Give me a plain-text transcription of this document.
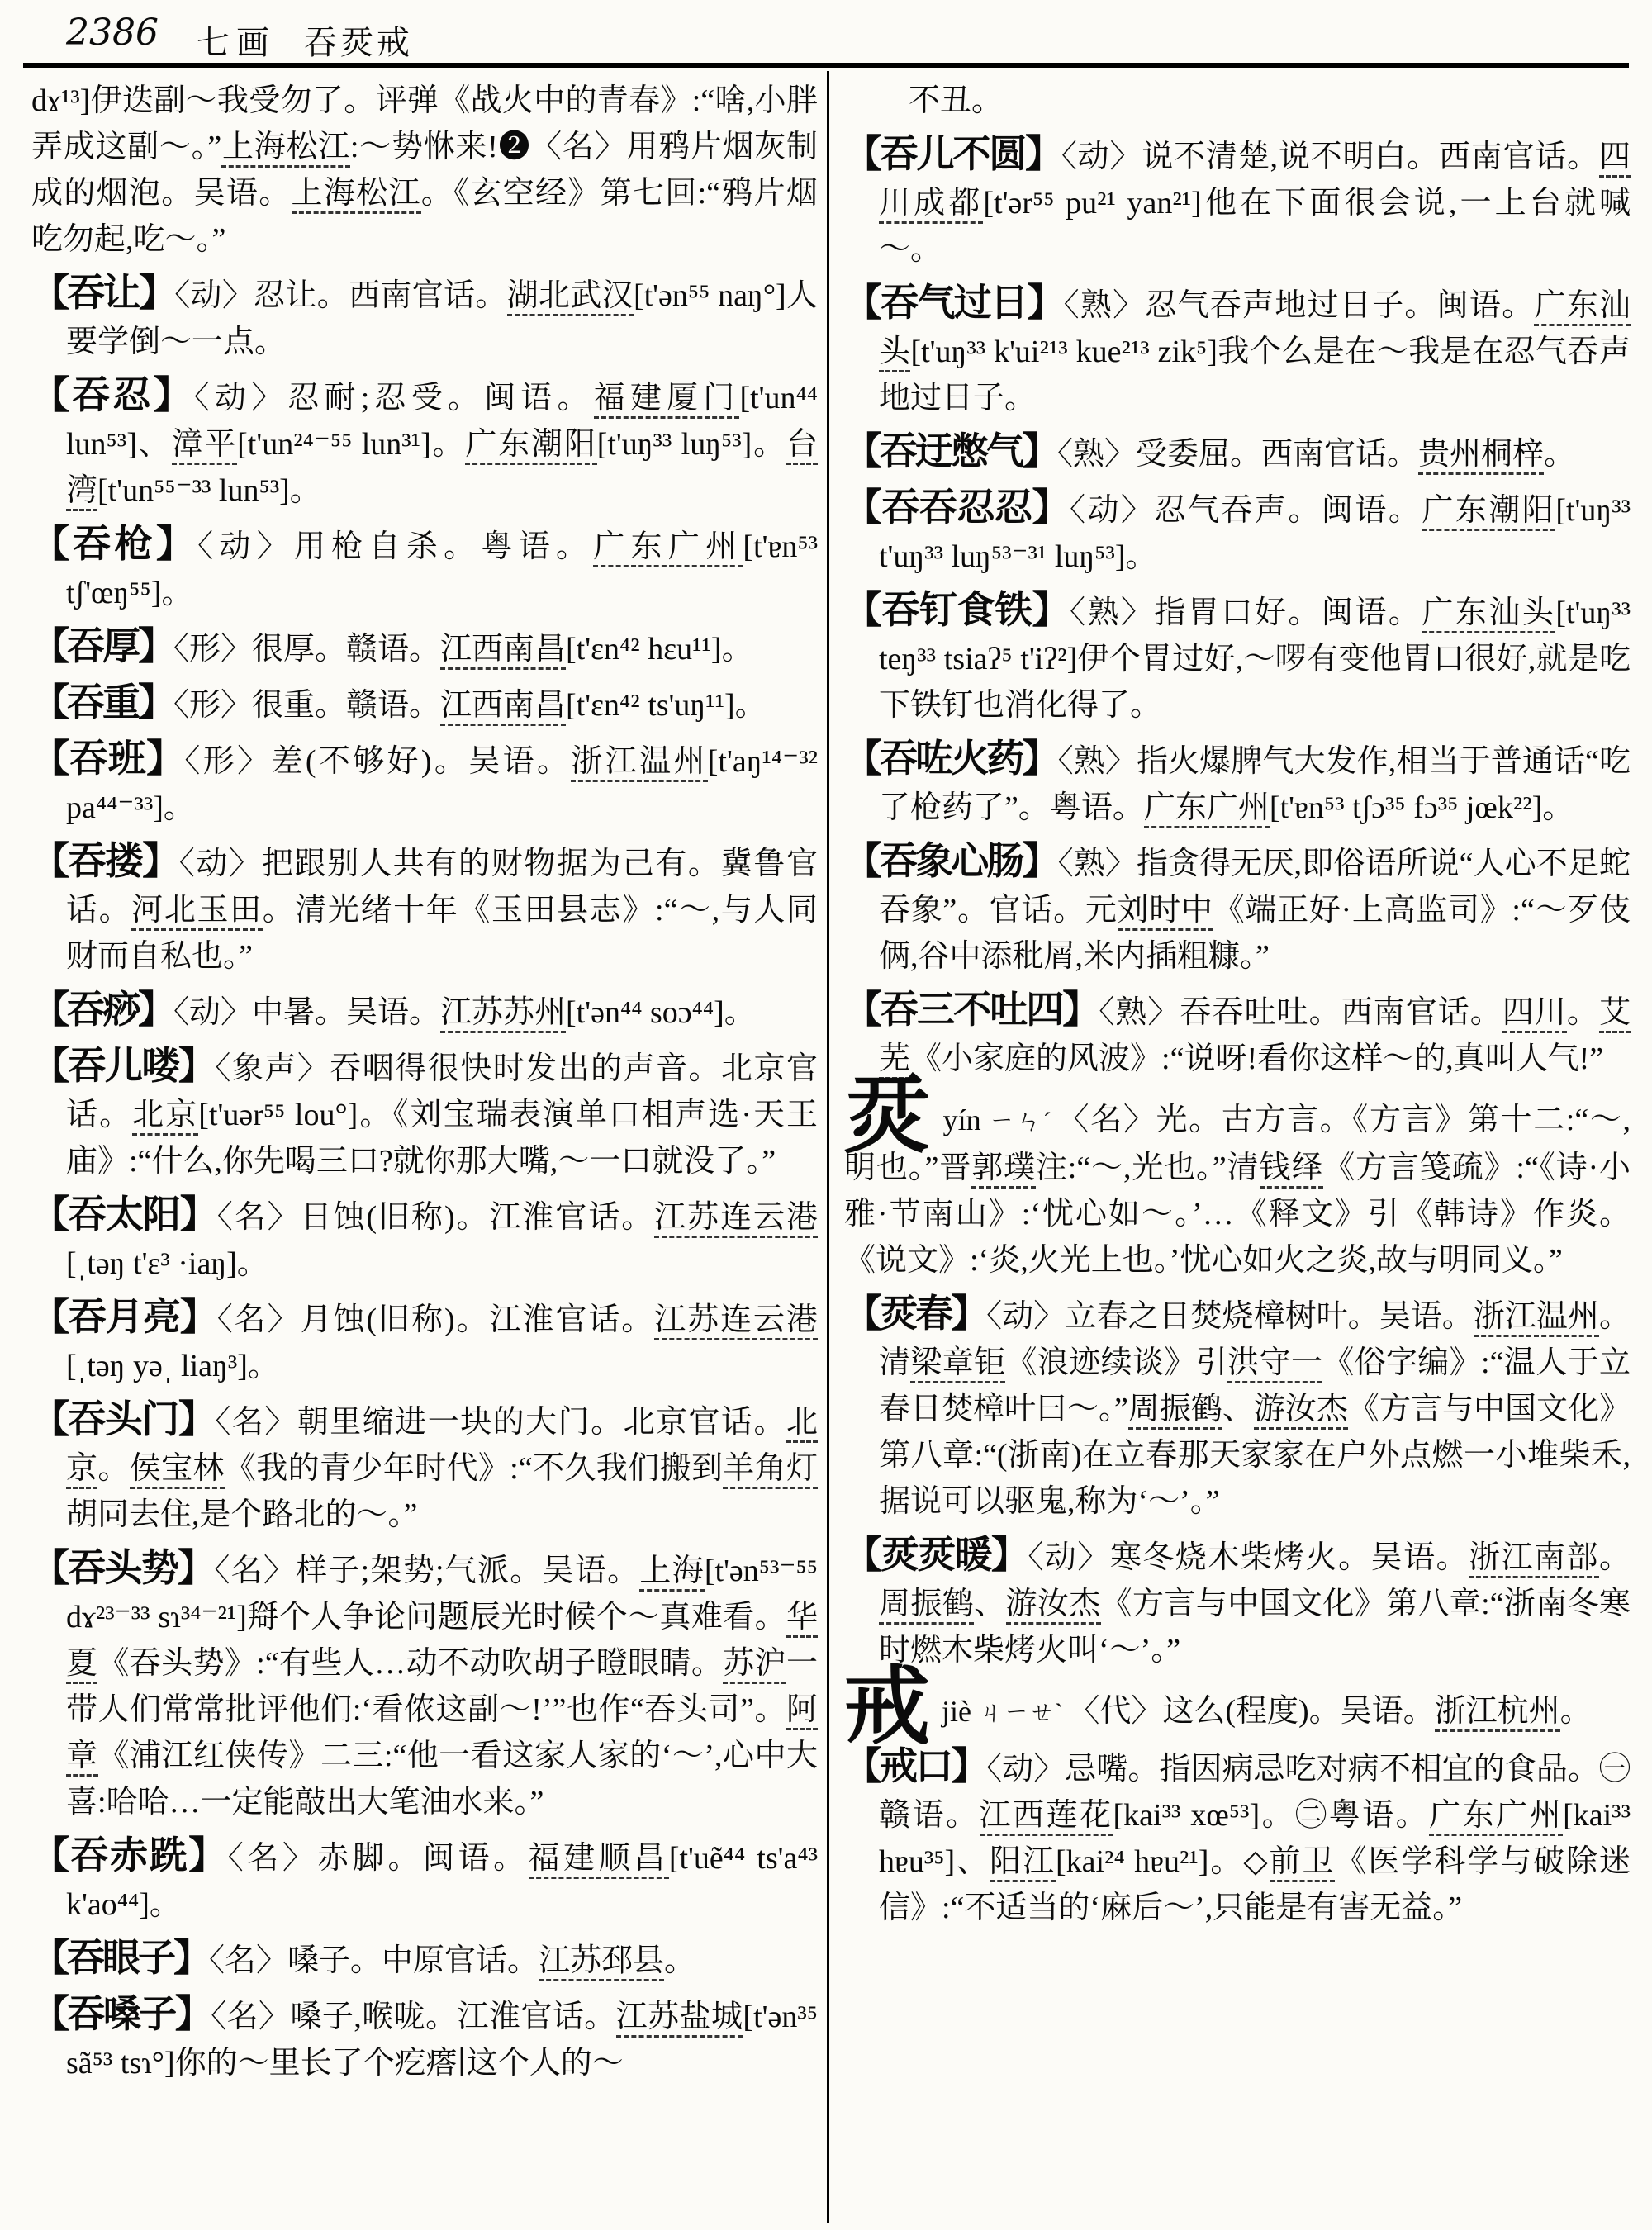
2386 七画 吞烎戒

dɤ¹³]伊迭副～我受勿了。评弹《战火中的青春》:“啥,小胖弄成这副～。”上海松江:～势恘来!❷〈名〉用鸦片烟灰制成的烟泡。吴语。上海松江。《玄空经》第七回:“鸦片烟吃勿起,吃～。”

【吞让】〈动〉忍让。西南官话。湖北武汉[t'ən⁵⁵ naŋ°]人要学倒～一点。

【吞忍】〈动〉忍耐;忍受。闽语。福建厦门[t'un⁴⁴ lun⁵³]、漳平[t'un²⁴⁻⁵⁵ lun³¹]。广东潮阳[t'uŋ³³ luŋ⁵³]。台湾[t'un⁵⁵⁻³³ lun⁵³]。

【吞枪】〈动〉用枪自杀。粤语。广东广州[t'ɐn⁵³ tʃ'œŋ⁵⁵]。

【吞厚】〈形〉很厚。赣语。江西南昌[t'ɛn⁴² hɛu¹¹]。

【吞重】〈形〉很重。赣语。江西南昌[t'ɛn⁴² ts'uŋ¹¹]。

【吞班】〈形〉差(不够好)。吴语。浙江温州[t'aŋ¹⁴⁻³² pa⁴⁴⁻³³]。

【吞搂】〈动〉把跟别人共有的财物据为己有。冀鲁官话。河北玉田。清光绪十年《玉田县志》:“～,与人同财而自私也。”

【吞痧】〈动〉中暑。吴语。江苏苏州[t'ən⁴⁴ soɔ⁴⁴]。

【吞儿喽】〈象声〉吞咽得很快时发出的声音。北京官话。北京[t'uər⁵⁵ lou°]。《刘宝瑞表演单口相声选·天王庙》:“什么,你先喝三口?就你那大嘴,～一口就没了。”

【吞太阳】〈名〉日蚀(旧称)。江淮官话。江苏连云港[ˌtəŋ t'ɛ³ ·iaŋ]。

【吞月亮】〈名〉月蚀(旧称)。江淮官话。江苏连云港[ˌtəŋ yəˌ liaŋ³]。

【吞头门】〈名〉朝里缩进一块的大门。北京官话。北京。侯宝林《我的青少年时代》:“不久我们搬到羊角灯胡同去住,是个路北的～。”

【吞头势】〈名〉样子;架势;气派。吴语。上海[t'ən⁵³⁻⁵⁵ dɤ²³⁻³³ sɿ³⁴⁻²¹]搿个人争论问题辰光时候个～真难看。华夏《吞头势》:“有些人…动不动吹胡子瞪眼睛。苏沪一带人们常常批评他们:‘看侬这副～!’”也作“吞头司”。阿章《浦江红侠传》二三:“他一看这家人家的‘～’,心中大喜:哈哈…一定能敲出大笔油水来。”

【吞赤跣】〈名〉赤脚。闽语。福建顺昌[t'uẽ⁴⁴ ts'a⁴³ k'ao⁴⁴]。

【吞眼子】〈名〉嗓子。中原官话。江苏邳县。

【吞嗓子】〈名〉嗓子,喉咙。江淮官话。江苏盐城[t'ən³⁵ sã⁵³ tsɿ°]你的～里长了个疙瘩∣这个人的～

不丑。

【吞儿不圆】〈动〉说不清楚,说不明白。西南官话。四川成都[t'ər⁵⁵ pu²¹ yan²¹]他在下面很会说,一上台就喊～。

【吞气过日】〈熟〉忍气吞声地过日子。闽语。广东汕头[t'uŋ³³ k'ui²¹³ kue²¹³ zik⁵]我个么是在～我是在忍气吞声地过日子。

【吞迂憋气】〈熟〉受委屈。西南官话。贵州桐梓。

【吞吞忍忍】〈动〉忍气吞声。闽语。广东潮阳[t'uŋ³³ t'uŋ³³ luŋ⁵³⁻³¹ luŋ⁵³]。

【吞钉食铁】〈熟〉指胃口好。闽语。广东汕头[t'uŋ³³ teŋ³³ tsiaʔ⁵ t'iʔ²]伊个胃过好,～啰有变他胃口很好,就是吃下铁钉也消化得了。

【吞咗火药】〈熟〉指火爆脾气大发作,相当于普通话“吃了枪药了”。粤语。广东广州[t'ɐn⁵³ tʃɔ³⁵ fɔ³⁵ jœk²²]。

【吞象心肠】〈熟〉指贪得无厌,即俗语所说“人心不足蛇吞象”。官话。元刘时中《端正好·上高监司》:“～歹伎俩,谷中添秕屑,米内插粗糠。”

【吞三不吐四】〈熟〉吞吞吐吐。西南官话。四川。艾芜《小家庭的风波》:“说呀!看你这样～的,真叫人气!”

烎yín ㄧㄣˊ 〈名〉光。古方言。《方言》第十二:“～,明也。”晋郭璞注:“～,光也。”清钱绎《方言笺疏》:“《诗·小雅·节南山》:‘忧心如～。’…《释文》引《韩诗》作炎。《说文》:‘炎,火光上也。’忧心如火之炎,故与明同义。”

【烎春】〈动〉立春之日焚烧樟树叶。吴语。浙江温州。清梁章钜《浪迹续谈》引洪守一《俗字编》:“温人于立春日焚樟叶曰～。”周振鹤、游汝杰《方言与中国文化》第八章:“(浙南)在立春那天家家在户外点燃一小堆柴禾,据说可以驱鬼,称为‘～’。”

【烎烎暖】〈动〉寒冬烧木柴烤火。吴语。浙江南部。周振鹤、游汝杰《方言与中国文化》第八章:“浙南冬寒时燃木柴烤火叫‘～’。”

戒jiè ㄐㄧㄝˋ 〈代〉这么(程度)。吴语。浙江杭州。

【戒口】〈动〉忌嘴。指因病忌吃对病不相宜的食品。㊀赣语。江西莲花[kai³³ xœ⁵³]。㊁粤语。广东广州[kai³³ hɐu³⁵]、阳江[kai²⁴ hɐu²¹]。◇前卫《医学科学与破除迷信》:“不适当的‘麻后～’,只能是有害无益。”
